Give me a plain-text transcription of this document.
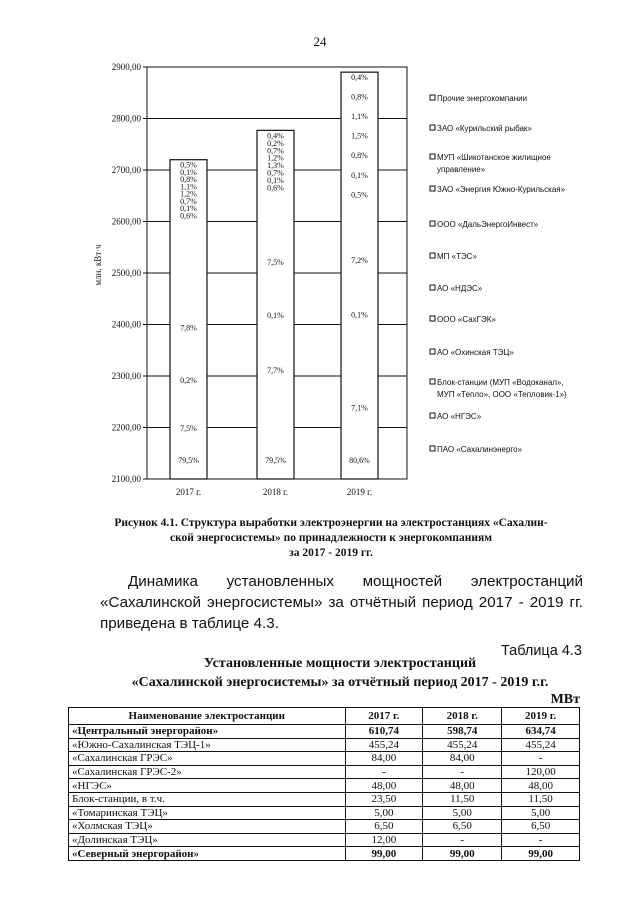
24
2100,00
2200,00
2300,00
2400,00
2500,00
2600,00
2700,00
2800,00
2900,00
млн. кВт·ч
2017 г.
79,5%
7,5%
0,2%
7,8%
0,6%
0,1%
0,7%
1,2%
1,1%
0,8%
0,1%
0,5%
2018 г.
79,5%
7,7%
0,1%
7,5%
0,6%
0,1%
0,7%
1,3%
1,2%
0,7%
0,2%
0,4%
2019 г.
80,6%
7,1%
0,1%
7,2%
0,5%
0,1%
0,8%
1,5%
1,1%
0,8%
0,4%
Прочие энергокомпании
ЗАО «Курильский рыбак»
МУП «Шикотанское жилищное
управление»
ЗАО «Энергия Южно-Курильская»
ООО «ДальЭнергоИнвест»
МП «ТЭС»
АО «НДЭС»
ООО «СахГЭК»
АО «Охинская ТЭЦ»
Блок-станции (МУП «Водоканал»,
МУП «Тепло», ООО «Тепловик-1»)
АО «НГЭС»
ПАО «Сахалинэнерго»
Рисунок 4.1. Структура выработки электроэнергии на электростанциях «Сахалин-
ской энергосистемы» по принадлежности к энергокомпаниям
за 2017 - 2019 гг.
Динамика установленных мощностей электростанций «Сахалинской энергосистемы» за отчётный период 2017 - 2019 гг. приведена в таблице 4.3.
Таблица 4.3
Установленные мощности электростанций
«Сахалинской энергосистемы» за отчётный период 2017 - 2019 г.г.
МВт
Наименование электростанции	2017 г.	2018 г.	2019 г.
«Центральный энергорайон»	610,74	598,74	634,74
«Южно-Сахалинская ТЭЦ-1»	455,24	455,24	455,24
«Сахалинская ГРЭС»	84,00	84,00	-
«Сахалинская ГРЭС-2»	-	-	120,00
«НГЭС»	48,00	48,00	48,00
Блок-станции, в т.ч.	23,50	11,50	11,50
«Томаринская ТЭЦ»	5,00	5,00	5,00
«Холмская ТЭЦ»	6,50	6,50	6,50
«Долинская ТЭЦ»	12,00	-	-
«Северный энергорайон»	99,00	99,00	99,00
